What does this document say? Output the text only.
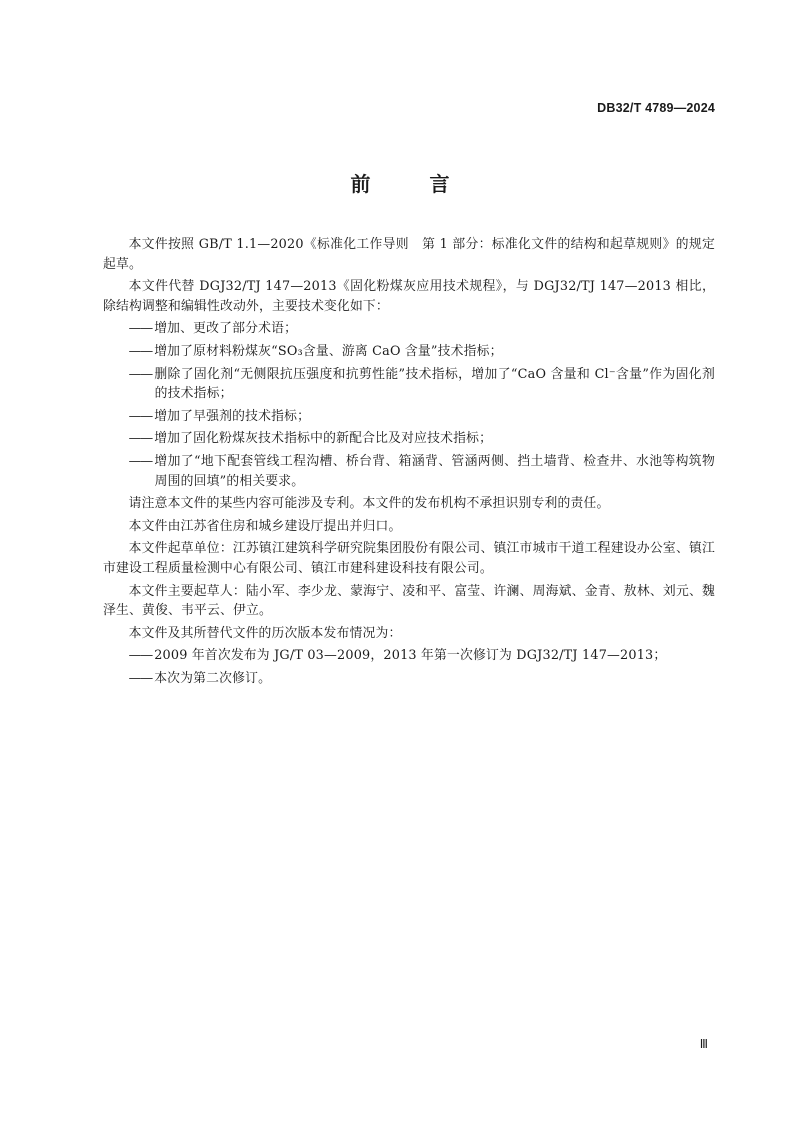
DB32/T 4789—2024
前 言

本文件按照 GB/T 1.1—2020《标准化工作导则　第 1 部分：标准化文件的结构和起草规则》的规定起草。

本文件代替 DGJ32/TJ 147—2013《固化粉煤灰应用技术规程》，与 DGJ32/TJ 147—2013 相比，除结构调整和编辑性改动外，主要技术变化如下：

—— 增加、更改了部分术语；
—— 增加了原材料粉煤灰“SO₃含量、游离 CaO 含量”技术指标；
—— 删除了固化剂“无侧限抗压强度和抗剪性能”技术指标，增加了“CaO 含量和 Cl⁻含量”作为固化剂的技术指标；
—— 增加了早强剂的技术指标；
—— 增加了固化粉煤灰技术指标中的新配合比及对应技术指标；
—— 增加了“地下配套管线工程沟槽、桥台背、箱涵背、管涵两侧、挡土墙背、检查井、水池等构筑物周围的回填”的相关要求。

请注意本文件的某些内容可能涉及专利。本文件的发布机构不承担识别专利的责任。

本文件由江苏省住房和城乡建设厅提出并归口。

本文件起草单位：江苏镇江建筑科学研究院集团股份有限公司、镇江市城市干道工程建设办公室、镇江市建设工程质量检测中心有限公司、镇江市建科建设科技有限公司。

本文件主要起草人：陆小军、李少龙、蒙海宁、凌和平、富莹、许澜、周海斌、金青、敖林、刘元、魏泽生、黄俊、韦平云、伊立。

本文件及其所替代文件的历次版本发布情况为：

—— 2009 年首次发布为 JG/T 03—2009，2013 年第一次修订为 DGJ32/TJ 147—2013；
—— 本次为第二次修订。
Ⅲ
